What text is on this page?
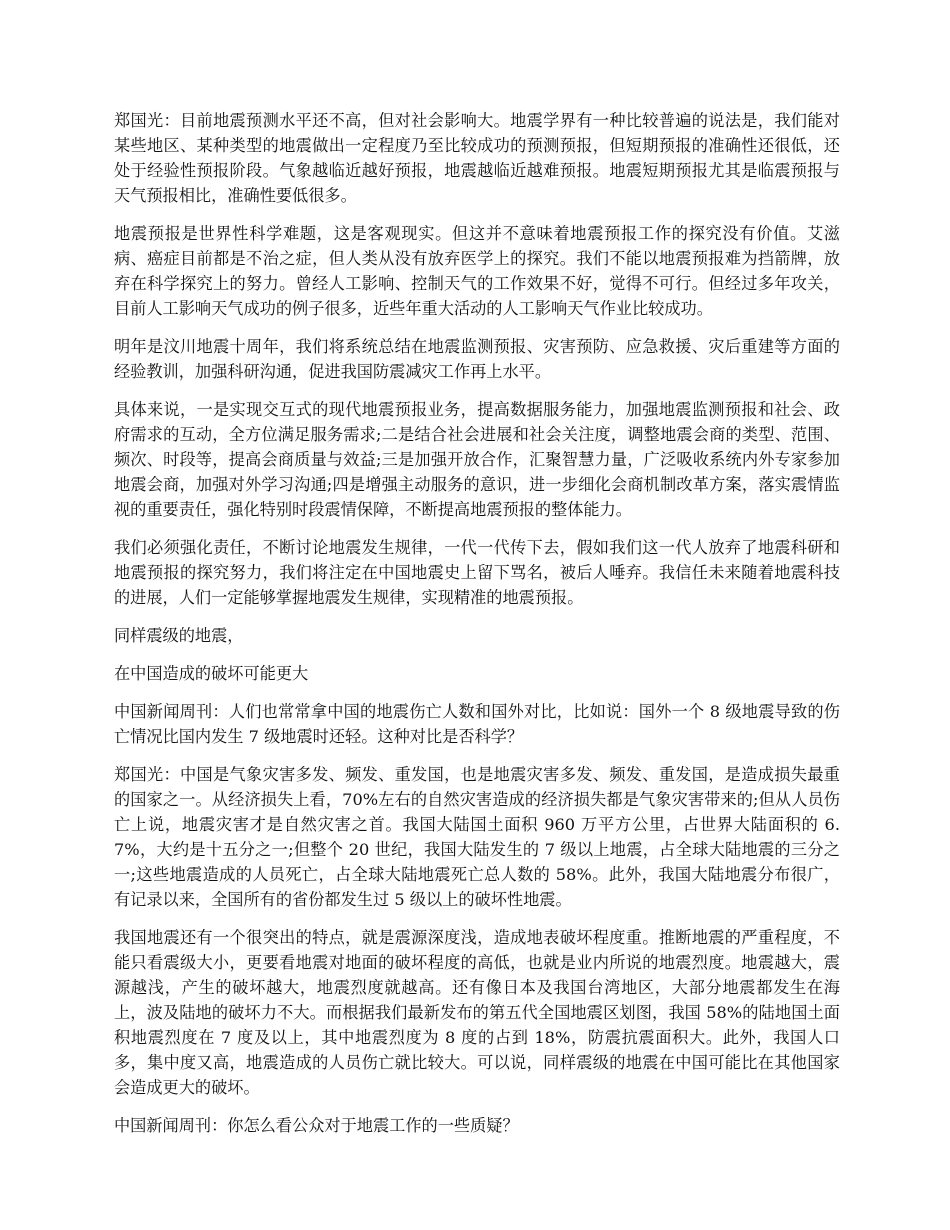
郑国光：目前地震预测水平还不高，但对社会影响大。地震学界有一种比较普遍的说法是，我们能对某些地区、某种类型的地震做出一定程度乃至比较成功的预测预报，但短期预报的准确性还很低，还处于经验性预报阶段。气象越临近越好预报，地震越临近越难预报。地震短期预报尤其是临震预报与天气预报相比，准确性要低很多。

地震预报是世界性科学难题，这是客观现实。但这并不意味着地震预报工作的探究没有价值。艾滋病、癌症目前都是不治之症，但人类从没有放弃医学上的探究。我们不能以地震预报难为挡箭牌，放弃在科学探究上的努力。曾经人工影响、控制天气的工作效果不好，觉得不可行。但经过多年攻关，目前人工影响天气成功的例子很多，近些年重大活动的人工影响天气作业比较成功。

明年是汶川地震十周年，我们将系统总结在地震监测预报、灾害预防、应急救援、灾后重建等方面的经验教训，加强科研沟通，促进我国防震减灾工作再上水平。

具体来说，一是实现交互式的现代地震预报业务，提高数据服务能力，加强地震监测预报和社会、政府需求的互动，全方位满足服务需求;二是结合社会进展和社会关注度，调整地震会商的类型、范围、频次、时段等，提高会商质量与效益;三是加强开放合作，汇聚智慧力量，广泛吸收系统内外专家参加地震会商，加强对外学习沟通;四是增强主动服务的意识，进一步细化会商机制改革方案，落实震情监视的重要责任，强化特别时段震情保障，不断提高地震预报的整体能力。

我们必须强化责任，不断讨论地震发生规律，一代一代传下去，假如我们这一代人放弃了地震科研和地震预报的探究努力，我们将注定在中国地震史上留下骂名，被后人唾弃。我信任未来随着地震科技的进展，人们一定能够掌握地震发生规律，实现精准的地震预报。

同样震级的地震，

在中国造成的破坏可能更大

中国新闻周刊：人们也常常拿中国的地震伤亡人数和国外对比，比如说：国外一个 8 级地震导致的伤亡情况比国内发生 7 级地震时还轻。这种对比是否科学？

郑国光：中国是气象灾害多发、频发、重发国，也是地震灾害多发、频发、重发国，是造成损失最重的国家之一。从经济损失上看，70%左右的自然灾害造成的经济损失都是气象灾害带来的;但从人员伤亡上说，地震灾害才是自然灾害之首。我国大陆国土面积 960 万平方公里，占世界大陆面积的 6.7%，大约是十五分之一;但整个 20 世纪，我国大陆发生的 7 级以上地震，占全球大陆地震的三分之一;这些地震造成的人员死亡，占全球大陆地震死亡总人数的 58%。此外，我国大陆地震分布很广，有记录以来，全国所有的省份都发生过 5 级以上的破坏性地震。

我国地震还有一个很突出的特点，就是震源深度浅，造成地表破坏程度重。推断地震的严重程度，不能只看震级大小，更要看地震对地面的破坏程度的高低，也就是业内所说的地震烈度。地震越大，震源越浅，产生的破坏越大，地震烈度就越高。还有像日本及我国台湾地区，大部分地震都发生在海上，波及陆地的破坏力不大。而根据我们最新发布的第五代全国地震区划图，我国 58%的陆地国土面积地震烈度在 7 度及以上，其中地震烈度为 8 度的占到 18%，防震抗震面积大。此外，我国人口多，集中度又高，地震造成的人员伤亡就比较大。可以说，同样震级的地震在中国可能比在其他国家会造成更大的破坏。

中国新闻周刊：你怎么看公众对于地震工作的一些质疑？
